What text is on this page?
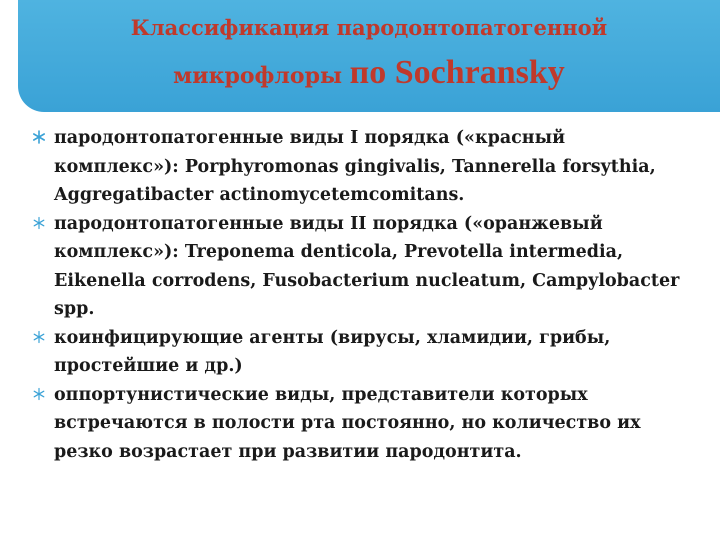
Классификация пародонтопатогенной
микрофлоры по Sochransky
пародонтопатогенные виды I порядка («красный комплекс»): Porphyromonas gingivalis, Tannerella forsythia, Aggregatibacter actinomycetemcomitans.
пародонтопатогенные виды II порядка («оранжевый комплекс»): Treponema denticola, Prevotella intermedia, Eikenella corrodens, Fusobacterium nucleatum, Campylobacter spp.
коинфицирующие агенты (вирусы, хламидии, грибы, простейшие и др.)
оппортунистические виды, представители которых встречаются в полости рта постоянно, но количество их резко возрастает при развитии пародонтита.
